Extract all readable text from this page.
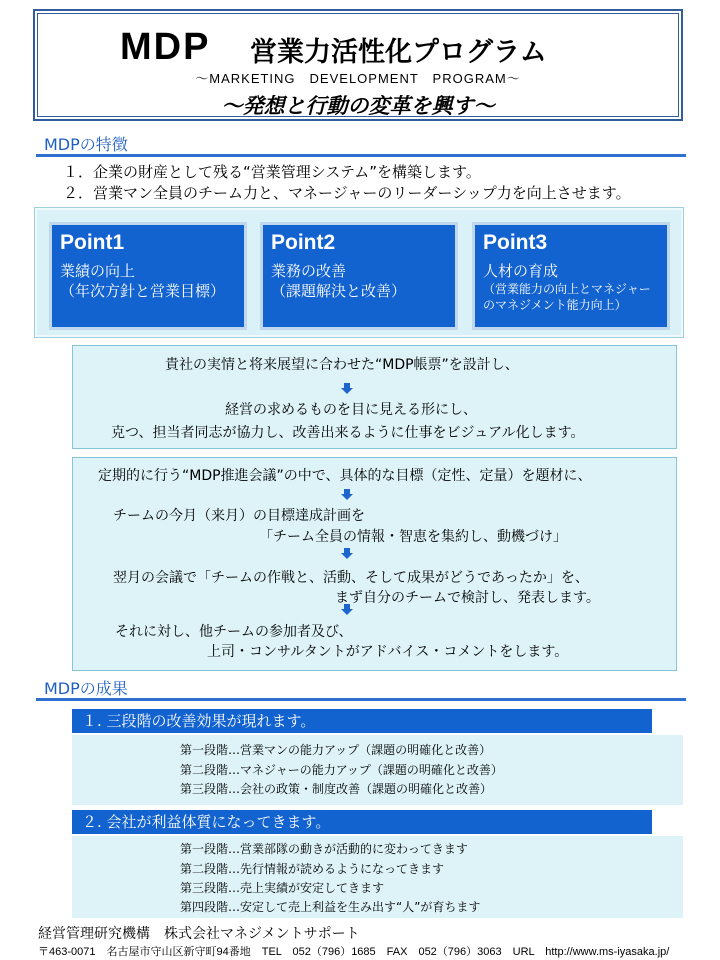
MDP 営業力活性化プログラム
〜MARKETING　DEVELOPMENT　PROGRAM〜
〜発想と行動の変革を興す〜
MDPの特徴
１．企業の財産として残る“営業管理システム”を構築します。
２．営業マン全員のチーム力と、マネージャーのリーダーシップ力を向上させます。
Point1
業績の向上
（年次方針と営業目標）
Point2
業務の改善
（課題解決と改善）
Point3
人材の育成
（営業能力の向上とマネジャー
のマネジメント能力向上）
貴社の実情と将来展望に合わせた“MDP帳票”を設計し、
経営の求めるものを目に見える形にし、
克つ、担当者同志が協力し、改善出来るように仕事をビジュアル化します。
定期的に行う“MDP推進会議”の中で、具体的な目標（定性、定量）を題材に、
チームの今月（来月）の目標達成計画を
「チーム全員の情報・智恵を集約し、動機づけ」
翌月の会議で「チームの作戦と、活動、そして成果がどうであったか」を、
まず自分のチームで検討し、発表します。
それに対し、他チームの参加者及び、
上司・コンサルタントがアドバイス・コメントをします。
MDPの成果
１. 三段階の改善効果が現れます。
第一段階…営業マンの能力アップ（課題の明確化と改善）
第二段階…マネジャーの能力アップ（課題の明確化と改善）
第三段階…会社の政策・制度改善（課題の明確化と改善）
２. 会社が利益体質になってきます。
第一段階…営業部隊の動きが活動的に変わってきます
第二段階…先行情報が読めるようになってきます
第三段階…売上実績が安定してきます
第四段階…安定して売上利益を生み出す“人”が育ちます
経営管理研究機構　株式会社マネジメントサポート
〒463-0071　名古屋市守山区新守町94番地　TEL　052（796）1685　FAX　052（796）3063　URL　http://www.ms-iyasaka.jp/
